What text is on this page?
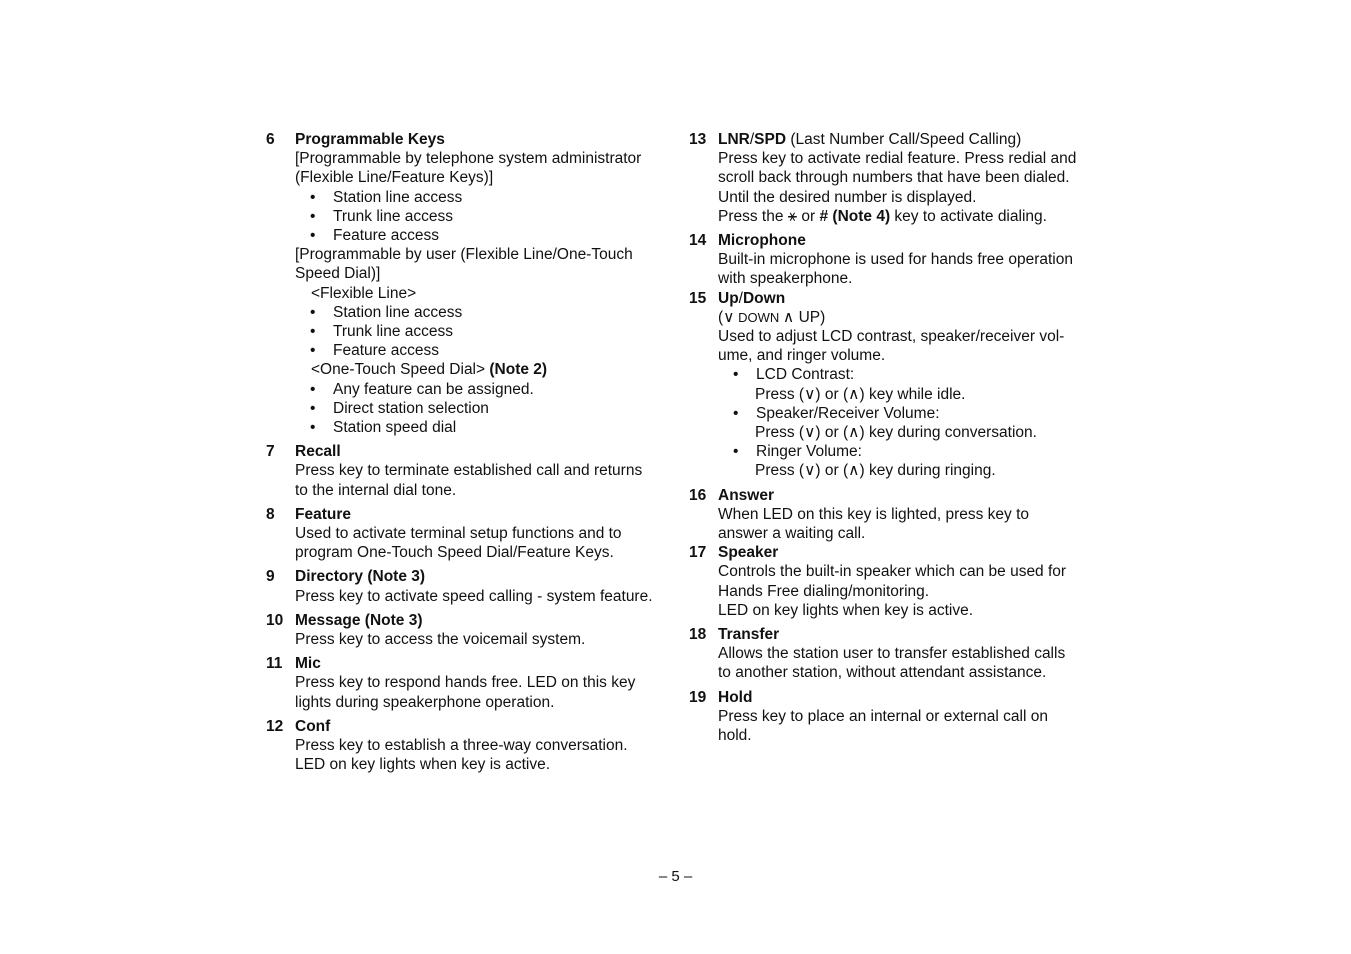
6 Programmable Keys
[Programmable by telephone system administrator
(Flexible Line/Feature Keys)]
• Station line access
• Trunk line access
• Feature access
[Programmable by user (Flexible Line/One-Touch
Speed Dial)]
<Flexible Line>
• Station line access
• Trunk line access
• Feature access
<One-Touch Speed Dial> (Note 2)
• Any feature can be assigned.
• Direct station selection
• Station speed dial
7 Recall
Press key to terminate established call and returns
to the internal dial tone.
8 Feature
Used to activate terminal setup functions and to
program One-Touch Speed Dial/Feature Keys.
9 Directory (Note 3)
Press key to activate speed calling - system feature.
10 Message (Note 3)
Press key to access the voicemail system.
11 Mic
Press key to respond hands free. LED on this key
lights during speakerphone operation.
12 Conf
Press key to establish a three-way conversation.
LED on key lights when key is active.
13 LNR/SPD (Last Number Call/Speed Calling)
Press key to activate redial feature. Press redial and
scroll back through numbers that have been dialed.
Until the desired number is displayed.
Press the ⚹ or # (Note 4) key to activate dialing.
14 Microphone
Built-in microphone is used for hands free operation
with speakerphone.
15 Up/Down
(∨ DOWN ∧ UP)
Used to adjust LCD contrast, speaker/receiver vol-
ume, and ringer volume.
• LCD Contrast:
Press (∨) or (∧) key while idle.
• Speaker/Receiver Volume:
Press (∨) or (∧) key during conversation.
• Ringer Volume:
Press (∨) or (∧) key during ringing.
16 Answer
When LED on this key is lighted, press key to
answer a waiting call.
17 Speaker
Controls the built-in speaker which can be used for
Hands Free dialing/monitoring.
LED on key lights when key is active.
18 Transfer
Allows the station user to transfer established calls
to another station, without attendant assistance.
19 Hold
Press key to place an internal or external call on
hold.
– 5 –
